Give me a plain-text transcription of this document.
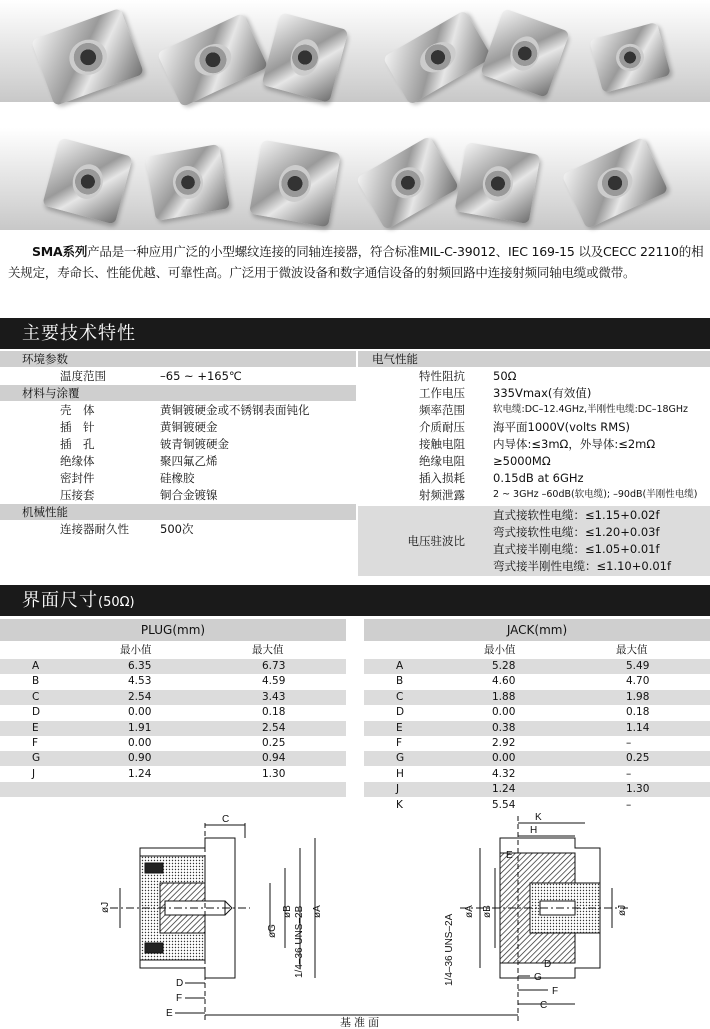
SMA系列产品是一种应用广泛的小型螺纹连接的同轴连接器，符合标准MIL-C-39012、IEC 169-15 以及CECC 22110的相关规定，寿命长、性能优越、可靠性高。广泛用于微波设备和数字通信设备的射频回路中连接射频同轴电缆或微带。
主要技术特性
环境参数	电气性能
材料与涂覆
机械性能
温度范围	–65 ~ +165℃
壳　体	黄铜镀硬金或不锈钢表面钝化
插　针	黄铜镀硬金
插　孔	铍青铜镀硬金
绝缘体	聚四氟乙烯
密封件	硅橡胶
压接套	铜合金镀镍
连接器耐久性	500次
特性阻抗 50Ω
工作电压 335Vmax(有效值)
频率范围	软电缆:DC–12.4GHz,半刚性电缆:DC–18GHz
介质耐压 海平面1000V(volts RMS)
接触电阻 内导体:≤3mΩ，外导体:≤2mΩ
绝缘电阻 ≥5000MΩ
插入损耗 0.15dB at 6GHz
射频泄露	2 ~ 3GHz –60dB(软电缆); –90dB(半刚性电缆)
电压驻波比
直式接软性电缆：≤1.15+0.02f
弯式接软性电缆：≤1.20+0.03f
直式接半刚电缆：≤1.05+0.01f
弯式接半刚性电缆：≤1.10+0.01f
界面尺寸(50Ω)
PLUG(mm)	JACK(mm)
最小值	最大值
A	6.35	6.73
B	4.53	4.59
C	2.54	3.43
D	0.00	0.18
E	1.91	2.54
F	0.00	0.25
G	0.90	0.94
J	1.24	1.30
最小值	最大值
A	5.28	5.49
B	4.60	4.70
C	1.88	1.98
D	0.00	0.18
E	0.38	1.14
F	2.92	–
G	0.00	0.25
H	4.32	–
J	1.24	1.30
K	5.54	–
C
øJ
øG
øB 1/4–36 UNS–2B øA
D
F
E
K
H
E
1/4–36 UNS–2A
øA øB	øJ
D
G
F
C
基 准 面
